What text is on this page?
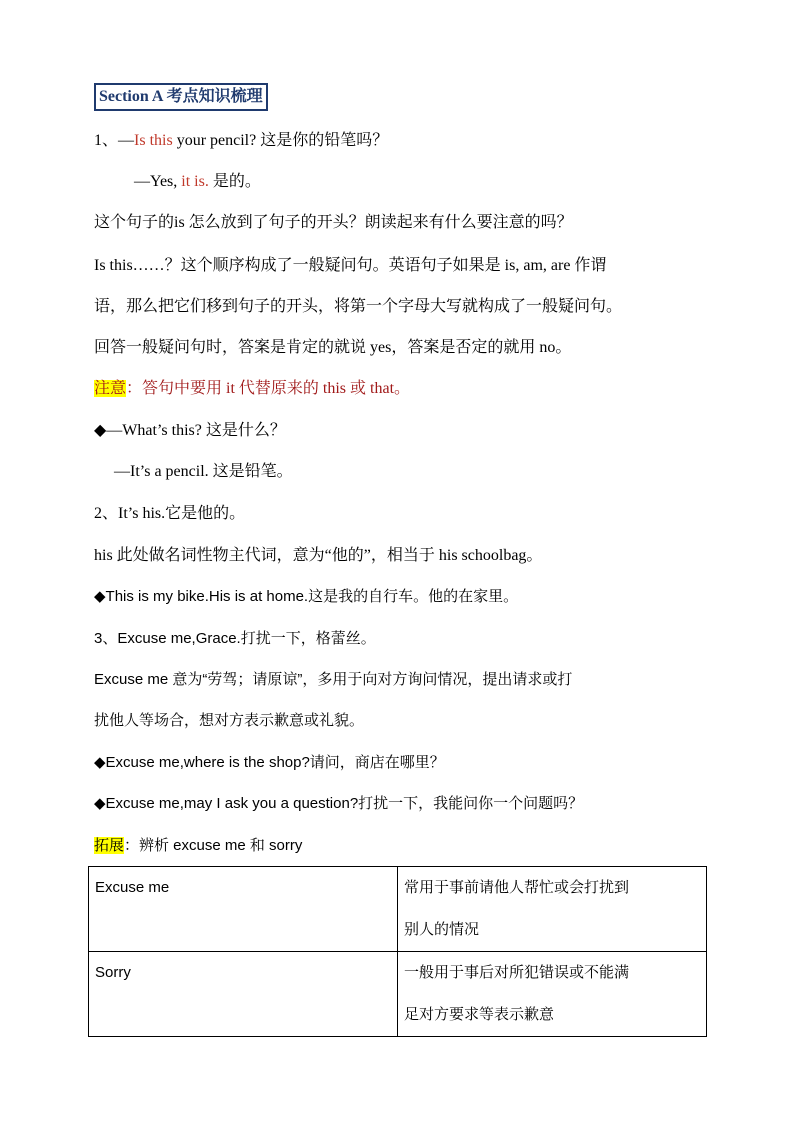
Section A 考点知识梳理
1、—Is this your pencil? 这是你的铅笔吗？
—Yes, it is. 是的。
这个句子的is 怎么放到了句子的开头？朗读起来有什么要注意的吗？
Is this……？这个顺序构成了一般疑问句。英语句子如果是 is, am, are 作谓
语，那么把它们移到句子的开头，将第一个字母大写就构成了一般疑问句。
回答一般疑问句时，答案是肯定的就说 yes，答案是否定的就用 no。
注意：答句中要用 it 代替原来的 this 或 that。
◆—What’s this? 这是什么？
—It’s a pencil. 这是铅笔。
2、It’s his.它是他的。
his 此处做名词性物主代词，意为“他的”，相当于 his schoolbag。
◆This is my bike.His is at home.这是我的自行车。他的在家里。
3、Excuse me,Grace.打扰一下，格蕾丝。
Excuse me 意为“劳驾；请原谅”，多用于向对方询问情况，提出请求或打
扰他人等场合，想对方表示歉意或礼貌。
◆Excuse me,where is the shop?请问，商店在哪里？
◆Excuse me,may I ask you a question?打扰一下，我能问你一个问题吗？
拓展：辨析 excuse me 和 sorry
Excuse me	常用于事前请他人帮忙或会打扰到
别人的情况
Sorry	一般用于事后对所犯错误或不能满
足对方要求等表示歉意
